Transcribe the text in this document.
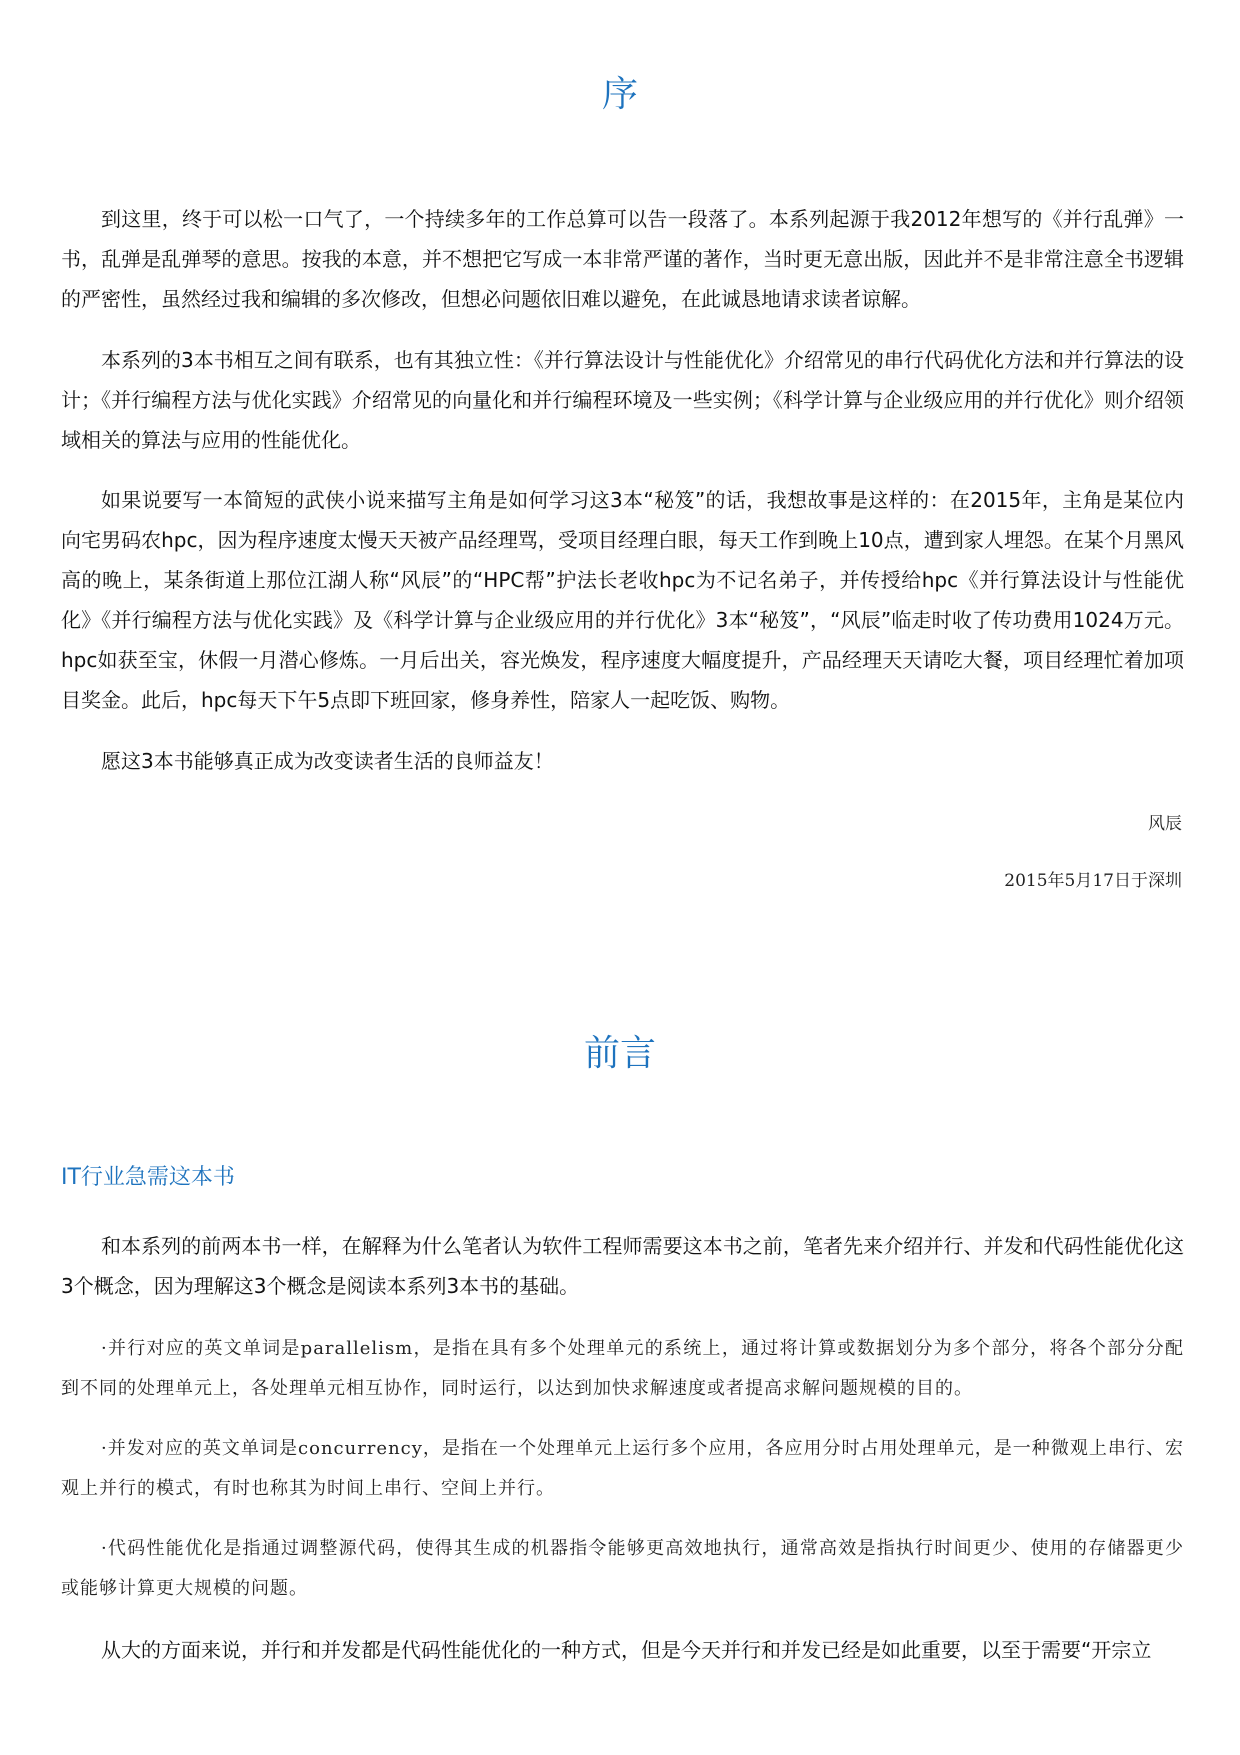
序

到这里，终于可以松一口气了，一个持续多年的工作总算可以告一段落了。本系列起源于我2012年想写的《并行乱弹》一书，乱弹是乱弹琴的意思。按我的本意，并不想把它写成一本非常严谨的著作，当时更无意出版，因此并不是非常注意全书逻辑的严密性，虽然经过我和编辑的多次修改，但想必问题依旧难以避免，在此诚恳地请求读者谅解。

本系列的3本书相互之间有联系，也有其独立性：《并行算法设计与性能优化》介绍常见的串行代码优化方法和并行算法的设计；《并行编程方法与优化实践》介绍常见的向量化和并行编程环境及一些实例；《科学计算与企业级应用的并行优化》则介绍领域相关的算法与应用的性能优化。

如果说要写一本简短的武侠小说来描写主角是如何学习这3本“秘笈”的话，我想故事是这样的：在2015年，主角是某位内向宅男码农hpc，因为程序速度太慢天天被产品经理骂，受项目经理白眼，每天工作到晚上10点，遭到家人埋怨。在某个月黑风高的晚上，某条街道上那位江湖人称“风辰”的“HPC帮”护法长老收hpc为不记名弟子，并传授给hpc《并行算法设计与性能优化》《并行编程方法与优化实践》及《科学计算与企业级应用的并行优化》3本“秘笈”，“风辰”临走时收了传功费用1024万元。hpc如获至宝，休假一月潜心修炼。一月后出关，容光焕发，程序速度大幅度提升，产品经理天天请吃大餐，项目经理忙着加项目奖金。此后，hpc每天下午5点即下班回家，修身养性，陪家人一起吃饭、购物。

愿这3本书能够真正成为改变读者生活的良师益友！

风辰

2015年5月17日于深圳

前言
IT行业急需这本书

和本系列的前两本书一样，在解释为什么笔者认为软件工程师需要这本书之前，笔者先来介绍并行、并发和代码性能优化这3个概念，因为理解这3个概念是阅读本系列3本书的基础。

·并行对应的英文单词是parallelism，是指在具有多个处理单元的系统上，通过将计算或数据划分为多个部分，将各个部分分配到不同的处理单元上，各处理单元相互协作，同时运行，以达到加快求解速度或者提高求解问题规模的目的。

·并发对应的英文单词是concurrency，是指在一个处理单元上运行多个应用，各应用分时占用处理单元，是一种微观上串行、宏观上并行的模式，有时也称其为时间上串行、空间上并行。

·代码性能优化是指通过调整源代码，使得其生成的机器指令能够更高效地执行，通常高效是指执行时间更少、使用的存储器更少或能够计算更大规模的问题。

从大的方面来说，并行和并发都是代码性能优化的一种方式，但是今天并行和并发已经是如此重要，以至于需要“开宗立
